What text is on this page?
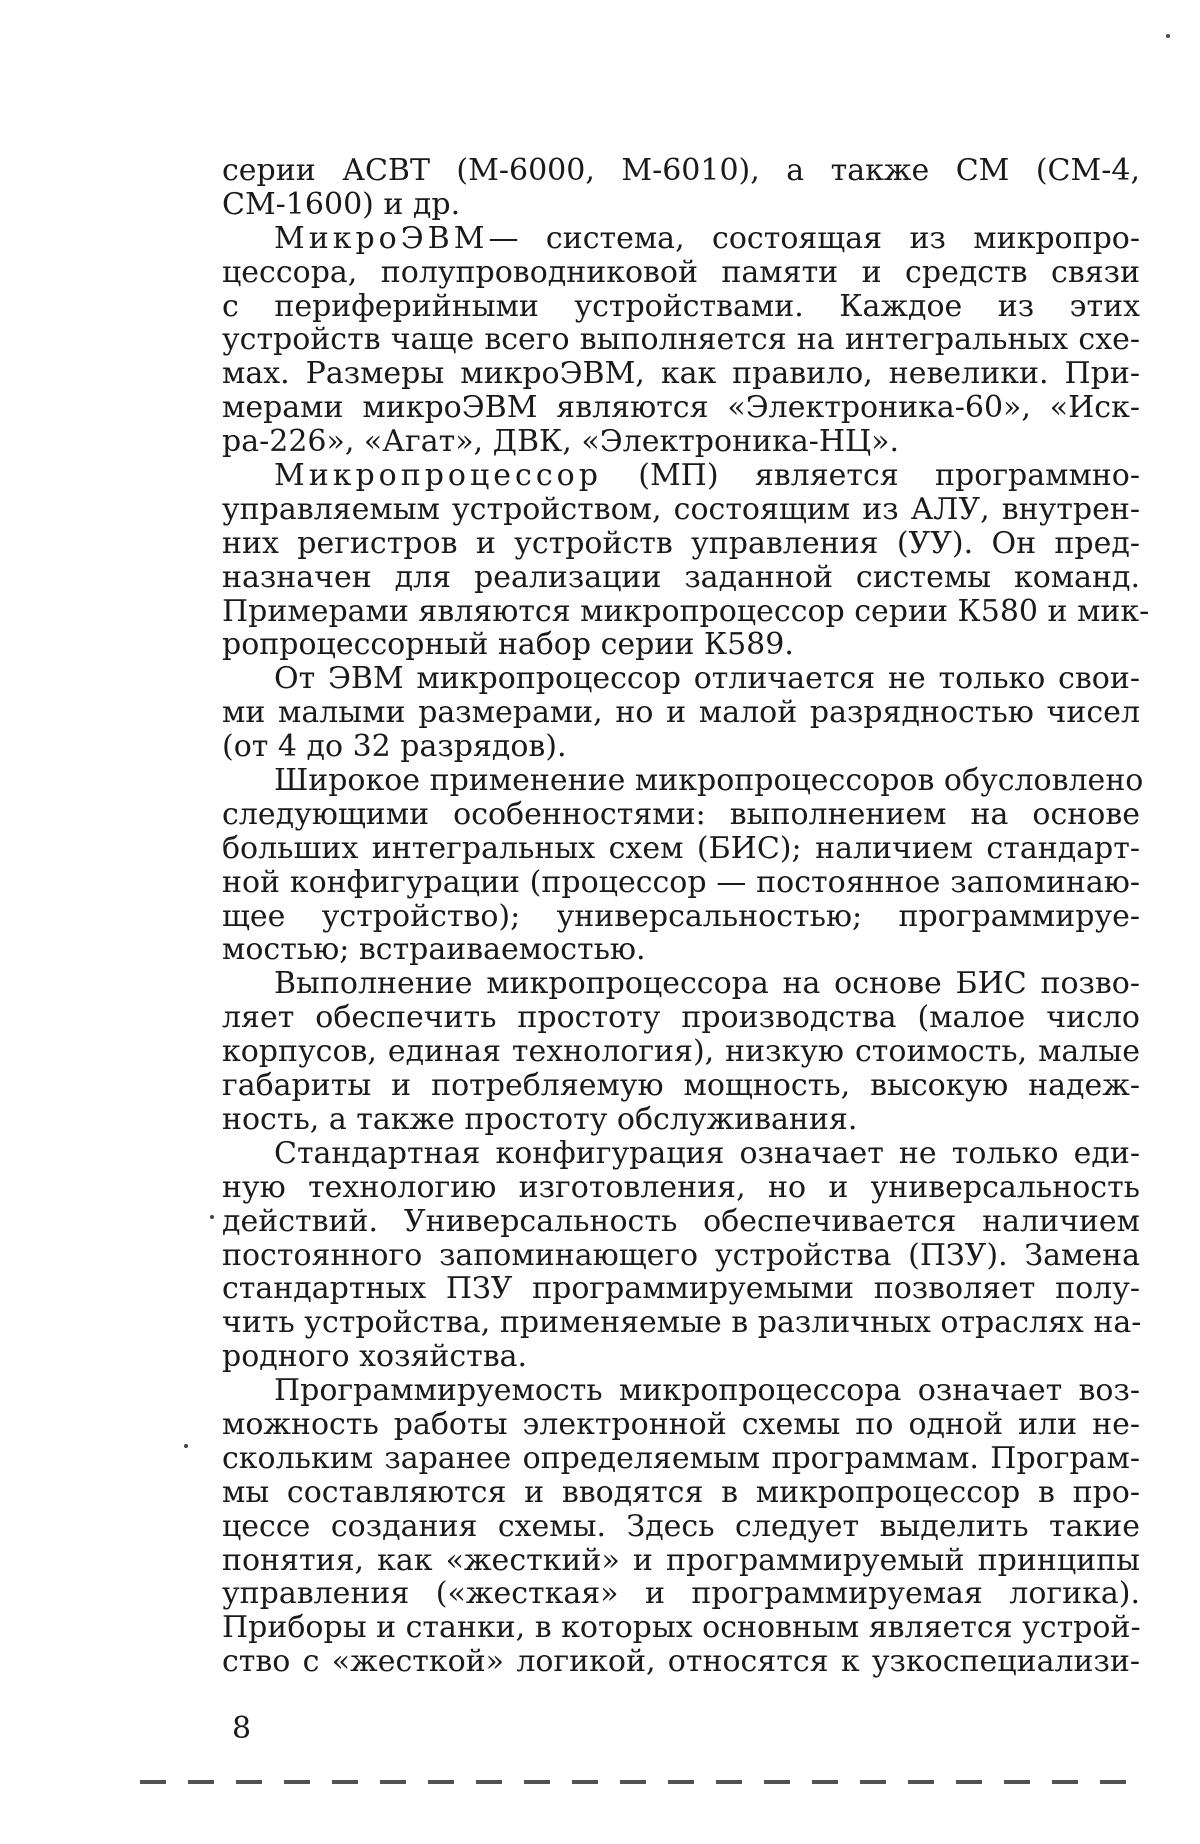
серии АСВТ (М-6000, М-6010), а также СМ (СМ-4,
СМ-1600) и др.
МикроЭВМ— система, состоящая из микропро-
цессора, полупроводниковой памяти и средств связи
с периферийными устройствами. Каждое из этих
устройств чаще всего выполняется на интегральных схе-
мах. Размеры микроЭВМ, как правило, невелики. При-
мерами микроЭВМ являются «Электроника-60», «Иск-
ра-226», «Агат», ДВК, «Электроника-НЦ».
Микропроцессор (МП) является программно-
управляемым устройством, состоящим из АЛУ, внутрен-
них регистров и устройств управления (УУ). Он пред-
назначен для реализации заданной системы команд.
Примерами являются микропроцессор серии К580 и мик-
ропроцессорный набор серии К589.
От ЭВМ микропроцессор отличается не только свои-
ми малыми размерами, но и малой разрядностью чисел
(от 4 до 32 разрядов).
Широкое применение микропроцессоров обусловлено
следующими особенностями: выполнением на основе
больших интегральных схем (БИС); наличием стандарт-
ной конфигурации (процессор — постоянное запоминаю-
щее устройство); универсальностью; программируе-
мостью; встраиваемостью.
Выполнение микропроцессора на основе БИС позво-
ляет обеспечить простоту производства (малое число
корпусов, единая технология), низкую стоимость, малые
габариты и потребляемую мощность, высокую надеж-
ность, а также простоту обслуживания.
Стандартная конфигурация означает не только еди-
ную технологию изготовления, но и универсальность
действий. Универсальность обеспечивается наличием
постоянного запоминающего устройства (ПЗУ). Замена
стандартных ПЗУ программируемыми позволяет полу-
чить устройства, применяемые в различных отраслях на-
родного хозяйства.
Программируемость микропроцессора означает воз-
можность работы электронной схемы по одной или не-
скольким заранее определяемым программам. Програм-
мы составляются и вводятся в микропроцессор в про-
цессе создания схемы. Здесь следует выделить такие
понятия, как «жесткий» и программируемый принципы
управления («жесткая» и программируемая логика).
Приборы и станки, в которых основным является устрой-
ство с «жесткой» логикой, относятся к узкоспециализи-
8
